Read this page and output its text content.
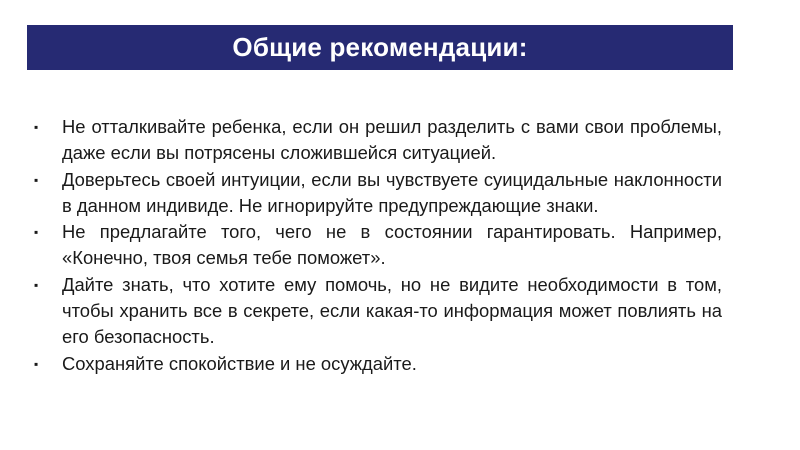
Общие рекомендации:
▪ Не отталкивайте ребенка, если он решил разделить с вами свои проблемы, даже если вы потрясены сложившейся ситуацией.
▪ Доверьтесь своей интуиции, если вы чувствуете суицидальные наклонности в данном индивиде. Не игнорируйте предупреждающие знаки.
▪ Не предлагайте того, чего не в состоянии гарантировать. Например, «Конечно, твоя семья тебе поможет».
▪ Дайте знать, что хотите ему помочь, но не видите необходимости в том, чтобы хранить все в секрете, если какая-то информация может повлиять на его безопасность.
▪ Сохраняйте спокойствие и не осуждайте.
